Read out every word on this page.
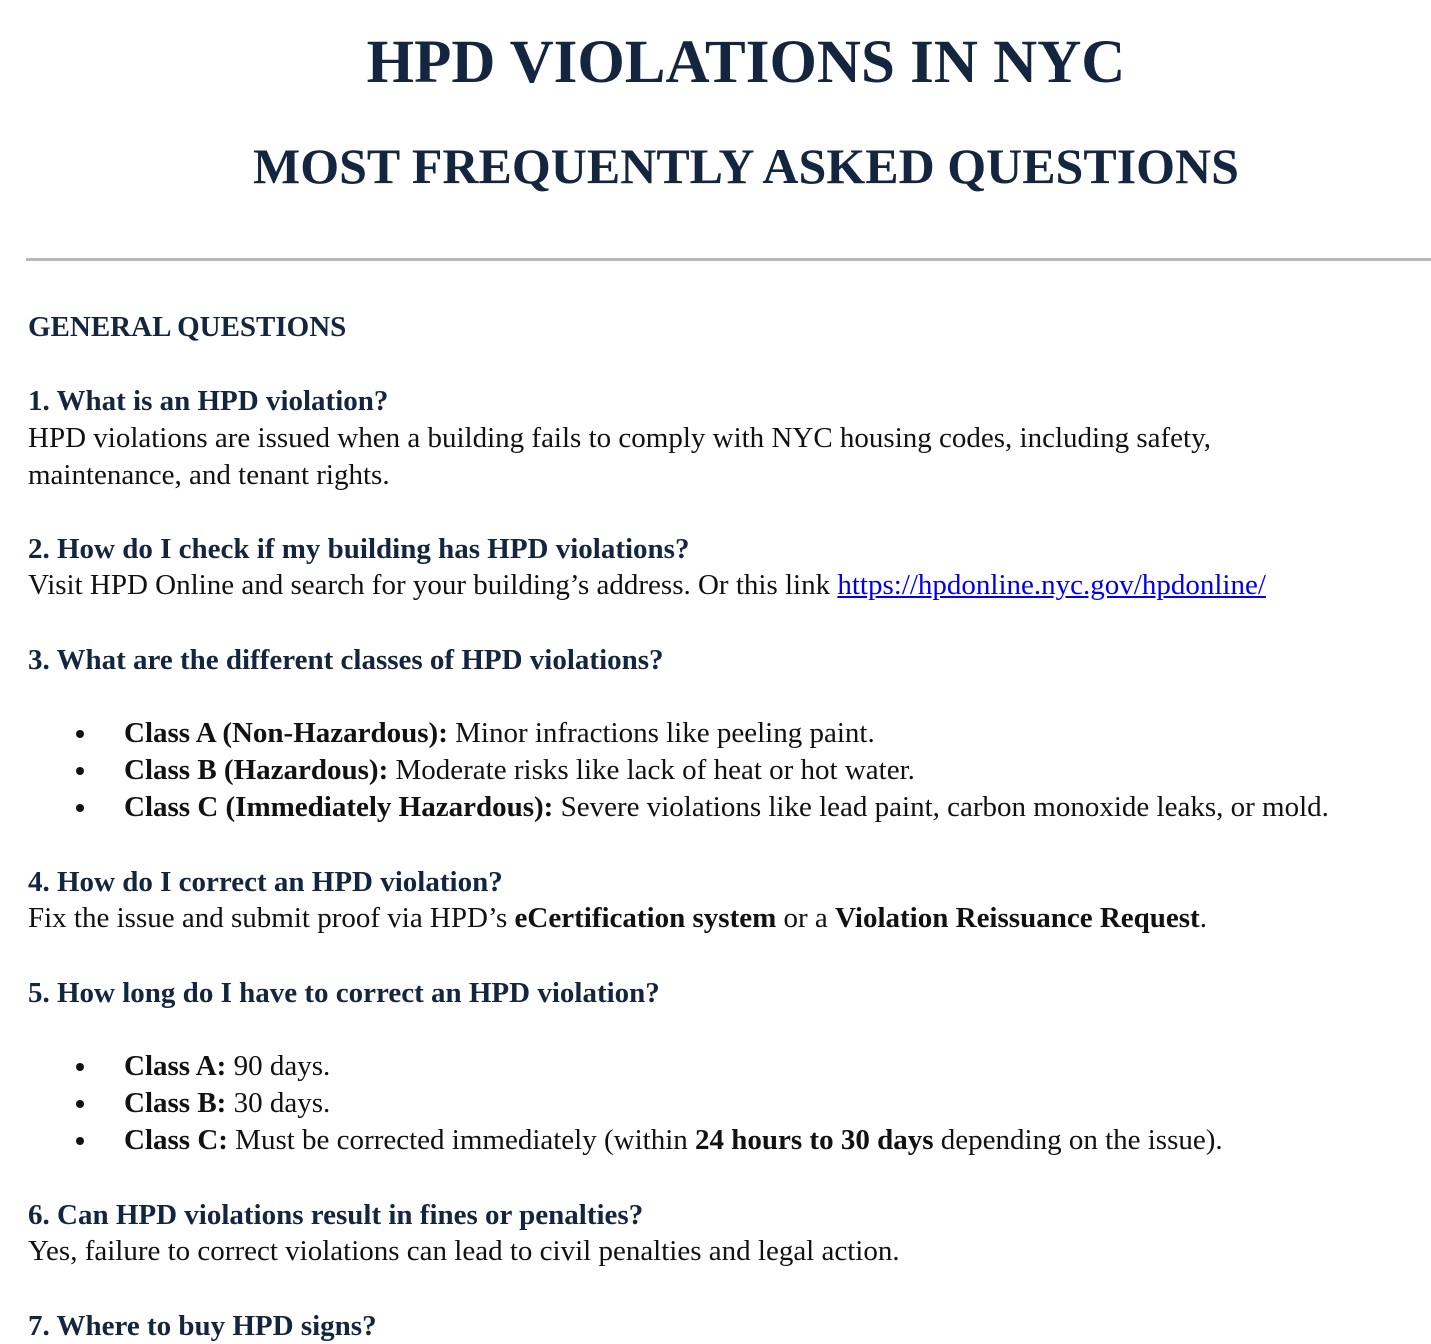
HPD VIOLATIONS IN NYC
MOST FREQUENTLY ASKED QUESTIONS
GENERAL QUESTIONS
1. What is an HPD violation?
HPD violations are issued when a building fails to comply with NYC housing codes, including safety,
maintenance, and tenant rights.
2. How do I check if my building has HPD violations?
Visit HPD Online and search for your building’s address. Or this link https://hpdonline.nyc.gov/hpdonline/
3. What are the different classes of HPD violations?
Class A (Non-Hazardous): Minor infractions like peeling paint.
Class B (Hazardous): Moderate risks like lack of heat or hot water.
Class C (Immediately Hazardous): Severe violations like lead paint, carbon monoxide leaks, or mold.
4. How do I correct an HPD violation?
Fix the issue and submit proof via HPD’s eCertification system or a Violation Reissuance Request.
5. How long do I have to correct an HPD violation?
Class A: 90 days.
Class B: 30 days.
Class C: Must be corrected immediately (within 24 hours to 30 days depending on the issue).
6. Can HPD violations result in fines or penalties?
Yes, failure to correct violations can lead to civil penalties and legal action.
7. Where to buy HPD signs?
